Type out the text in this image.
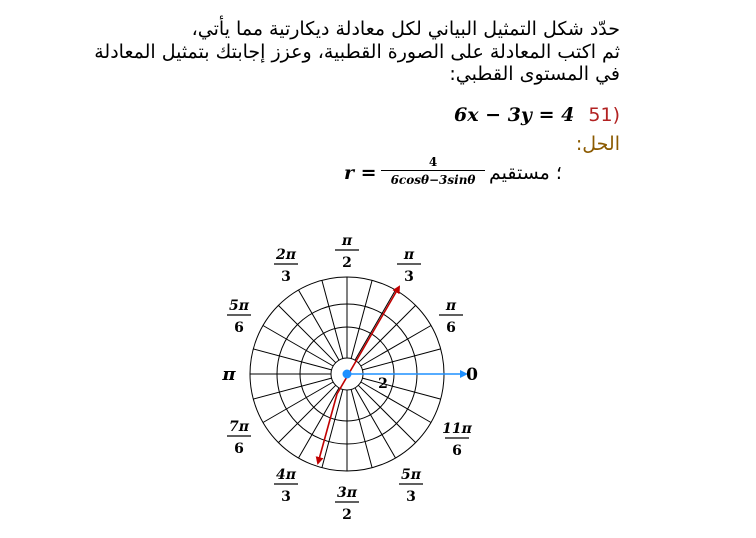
حدّد شكل التمثيل البياني لكل معادلة ديكارتية مما يأتي،
ثم اكتب المعادلة على الصورة القطبية، وعزز إجابتك بتمثيل المعادلة
في المستوى القطبي:
(51 6x − 3y = 4
الحل:
r =	4
6cosθ−3sinθ ؛ مستقيم
2	0
π
π
2	π
3
2π
3
π
6
5π
6
7π
6
11π
6
4π
3
5π
3
3π
2
